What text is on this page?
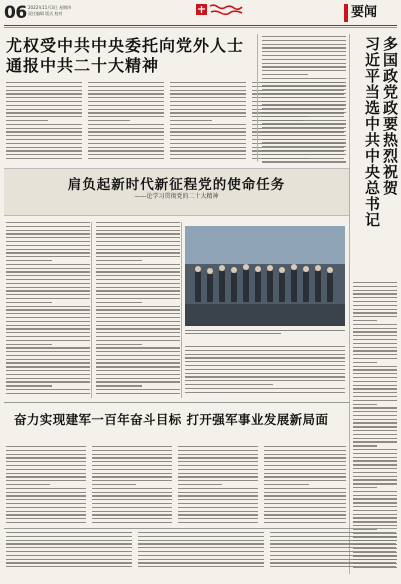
06 2022年11月3日 星期四
责任编辑 版式 校对	要闻
尤权受中共中央委托向党外人士
通报中共二十大精神	多国政党政要热烈祝贺
习近平当选中共中央总书记
肩负起新时代新征程党的使命任务
——论学习贯彻党的二十大精神
奋力实现建军一百年奋斗目标 打开强军事业发展新局面
